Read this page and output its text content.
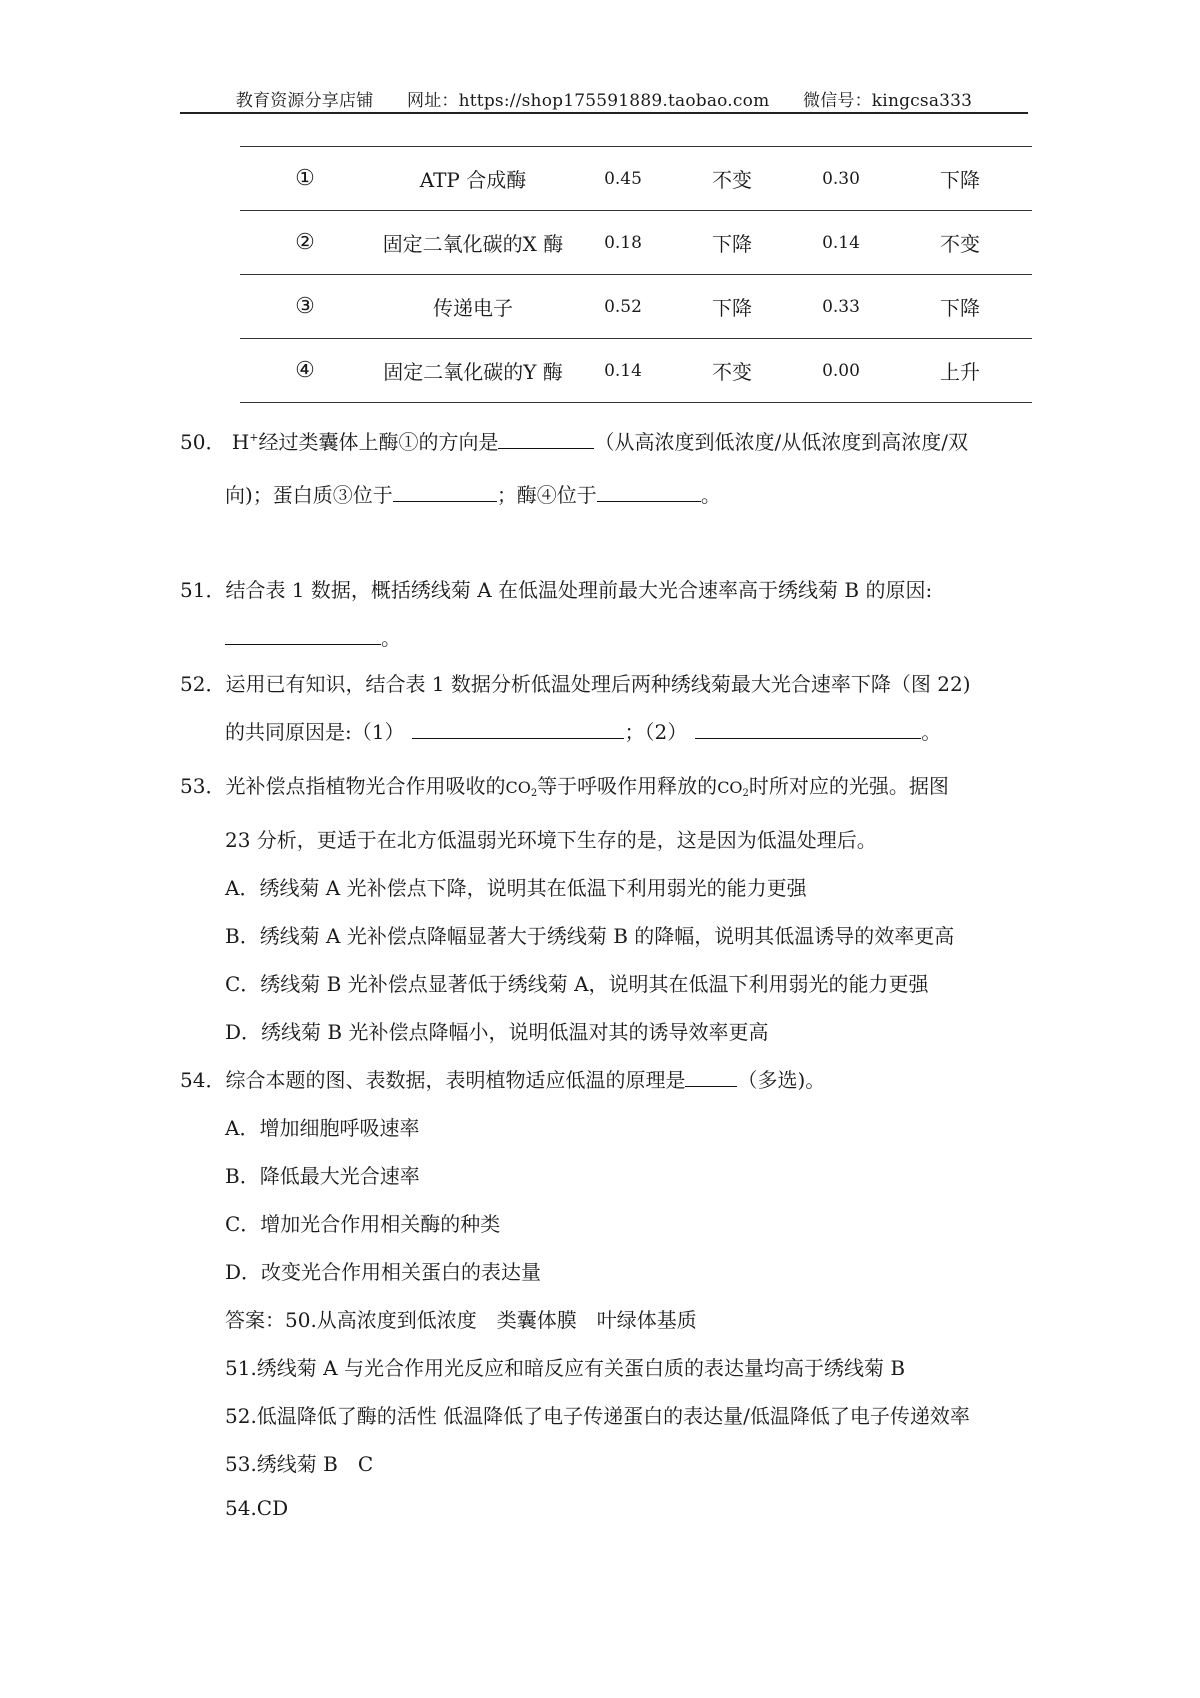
教育资源分享店铺 网址：https://shop175591889.taobao.com 微信号：kingcsa333
①	ATP 合成酶	0.45	不变	0.30	下降
②	固定二氧化碳的X 酶	0.18	下降	0.14	不变
③	传递电子	0.52	下降	0.33	下降
④	固定二氧化碳的Y 酶	0.14	不变	0.00	上升
50． H+经过类囊体上酶①的方向是	（从高浓度到低浓度/从低浓度到高浓度/双
向)；蛋白质③位于	；酶④位于	。
51．结合表 1 数据，概括绣线菊 A 在低温处理前最大光合速率高于绣线菊 B 的原因:
。
52．运用已有知识，结合表 1 数据分析低温处理后两种绣线菊最大光合速率下降（图 22)
的共同原因是:（1）	；（2）	。
53．光补偿点指植物光合作用吸收的$CO_2$等于呼吸作用释放的$CO_2$时所对应的光强。据图
23 分析，更适于在北方低温弱光环境下生存的是，这是因为低温处理后。
A．绣线菊 A 光补偿点下降，说明其在低温下利用弱光的能力更强
B．绣线菊 A 光补偿点降幅显著大于绣线菊 B 的降幅，说明其低温诱导的效率更高
C．绣线菊 B 光补偿点显著低于绣线菊 A，说明其在低温下利用弱光的能力更强
D．绣线菊 B 光补偿点降幅小，说明低温对其的诱导效率更高
54．综合本题的图、表数据，表明植物适应低温的原理是	（多选)。
A．增加细胞呼吸速率
B．降低最大光合速率
C．增加光合作用相关酶的种类
D．改变光合作用相关蛋白的表达量
答案：50.从高浓度到低浓度　类囊体膜　叶绿体基质
51.绣线菊 A 与光合作用光反应和暗反应有关蛋白质的表达量均高于绣线菊 B
52.低温降低了酶的活性 低温降低了电子传递蛋白的表达量/低温降低了电子传递效率
53.绣线菊 B　C
54.CD
